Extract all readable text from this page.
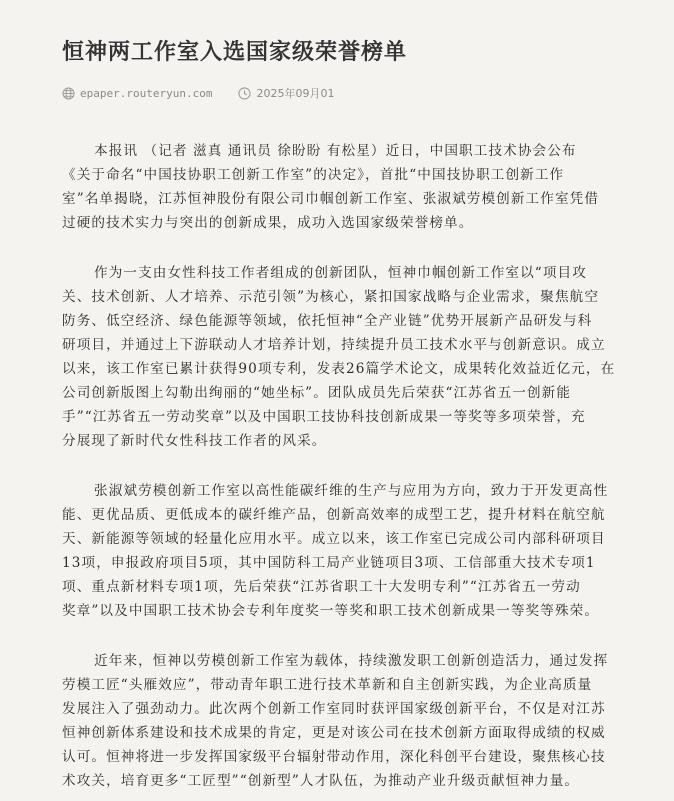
恒神两工作室入选国家级荣誉榜单
epaper.routeryun.com	2025年09月01
本报讯 （记者 滋真 通讯员 徐盼盼 有松星）近日，中国职工技术协会公布
《关于命名“中国技协职工创新工作室”的决定》，首批“中国技协职工创新工作
室”名单揭晓，江苏恒神股份有限公司巾帼创新工作室、张淑斌劳模创新工作室凭借
过硬的技术实力与突出的创新成果，成功入选国家级荣誉榜单。
作为一支由女性科技工作者组成的创新团队，恒神巾帼创新工作室以“项目攻
关、技术创新、人才培养、示范引领”为核心，紧扣国家战略与企业需求，聚焦航空
防务、低空经济、绿色能源等领域，依托恒神“全产业链”优势开展新产品研发与科
研项目，并通过上下游联动人才培养计划，持续提升员工技术水平与创新意识。成立
以来，该工作室已累计获得90项专利，发表26篇学术论文，成果转化效益近亿元，在
公司创新版图上勾勒出绚丽的“她坐标”。团队成员先后荣获“江苏省五一创新能
手”“江苏省五一劳动奖章”以及中国职工技协科技创新成果一等奖等多项荣誉，充
分展现了新时代女性科技工作者的风采。
张淑斌劳模创新工作室以高性能碳纤维的生产与应用为方向，致力于开发更高性
能、更优品质、更低成本的碳纤维产品，创新高效率的成型工艺，提升材料在航空航
天、新能源等领域的轻量化应用水平。成立以来，该工作室已完成公司内部科研项目
13项，申报政府项目5项，其中国防科工局产业链项目3项、工信部重大技术专项1
项、重点新材料专项1项，先后荣获“江苏省职工十大发明专利”“江苏省五一劳动
奖章”以及中国职工技术协会专利年度奖一等奖和职工技术创新成果一等奖等殊荣。
近年来，恒神以劳模创新工作室为载体，持续激发职工创新创造活力，通过发挥
劳模工匠“头雁效应”，带动青年职工进行技术革新和自主创新实践，为企业高质量
发展注入了强劲动力。此次两个创新工作室同时获评国家级创新平台，不仅是对江苏
恒神创新体系建设和技术成果的肯定，更是对该公司在技术创新方面取得成绩的权威
认可。恒神将进一步发挥国家级平台辐射带动作用，深化科创平台建设，聚焦核心技
术攻关，培育更多“工匠型”“创新型”人才队伍，为推动产业升级贡献恒神力量。
